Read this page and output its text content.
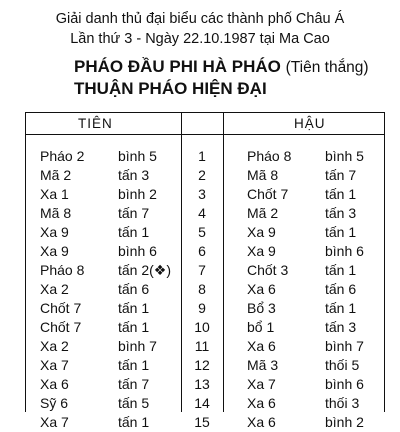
Giải danh thủ đại biểu các thành phố Châu Á
Lần thứ 3 - Ngày 22.10.1987 tại Ma Cao
PHÁO ĐẦU PHI HÀ PHÁO (Tiên thắng)
THUẬN PHÁO HIỆN ĐẠI
TIÊN	HẬU
Pháo 2 bình 5	1	Pháo 8 bình 5
Mã 2	tấn 3	2	Mã 8	tấn 7
Xa 1	bình 2	3	Chốt 7	tấn 1
Mã 8	tấn 7	4	Mã 2	tấn 3
Xa 9	tấn 1	5	Xa 9	tấn 1
Xa 9	bình 6	6	Xa 9	bình 6
Pháo 8 tấn 2(❖)	7	Chốt 3	tấn 1
Xa 2	tấn 6	8	Xa 6	tấn 6
Chốt 7	tấn 1	9	Bổ 3	tấn 1
Chốt 7	tấn 1	10	bổ 1	tấn 3
Xa 2	bình 7	11	Xa 6	bình 7
Xa 7	tấn 1	12	Mã 3	thối 5
Xa 6	tấn 7	13	Xa 7	bình 6
Sỹ 6	tấn 5	14	Xa 6	thối 3
Xa 7	tấn 1	15	Xa 6	bình 2
